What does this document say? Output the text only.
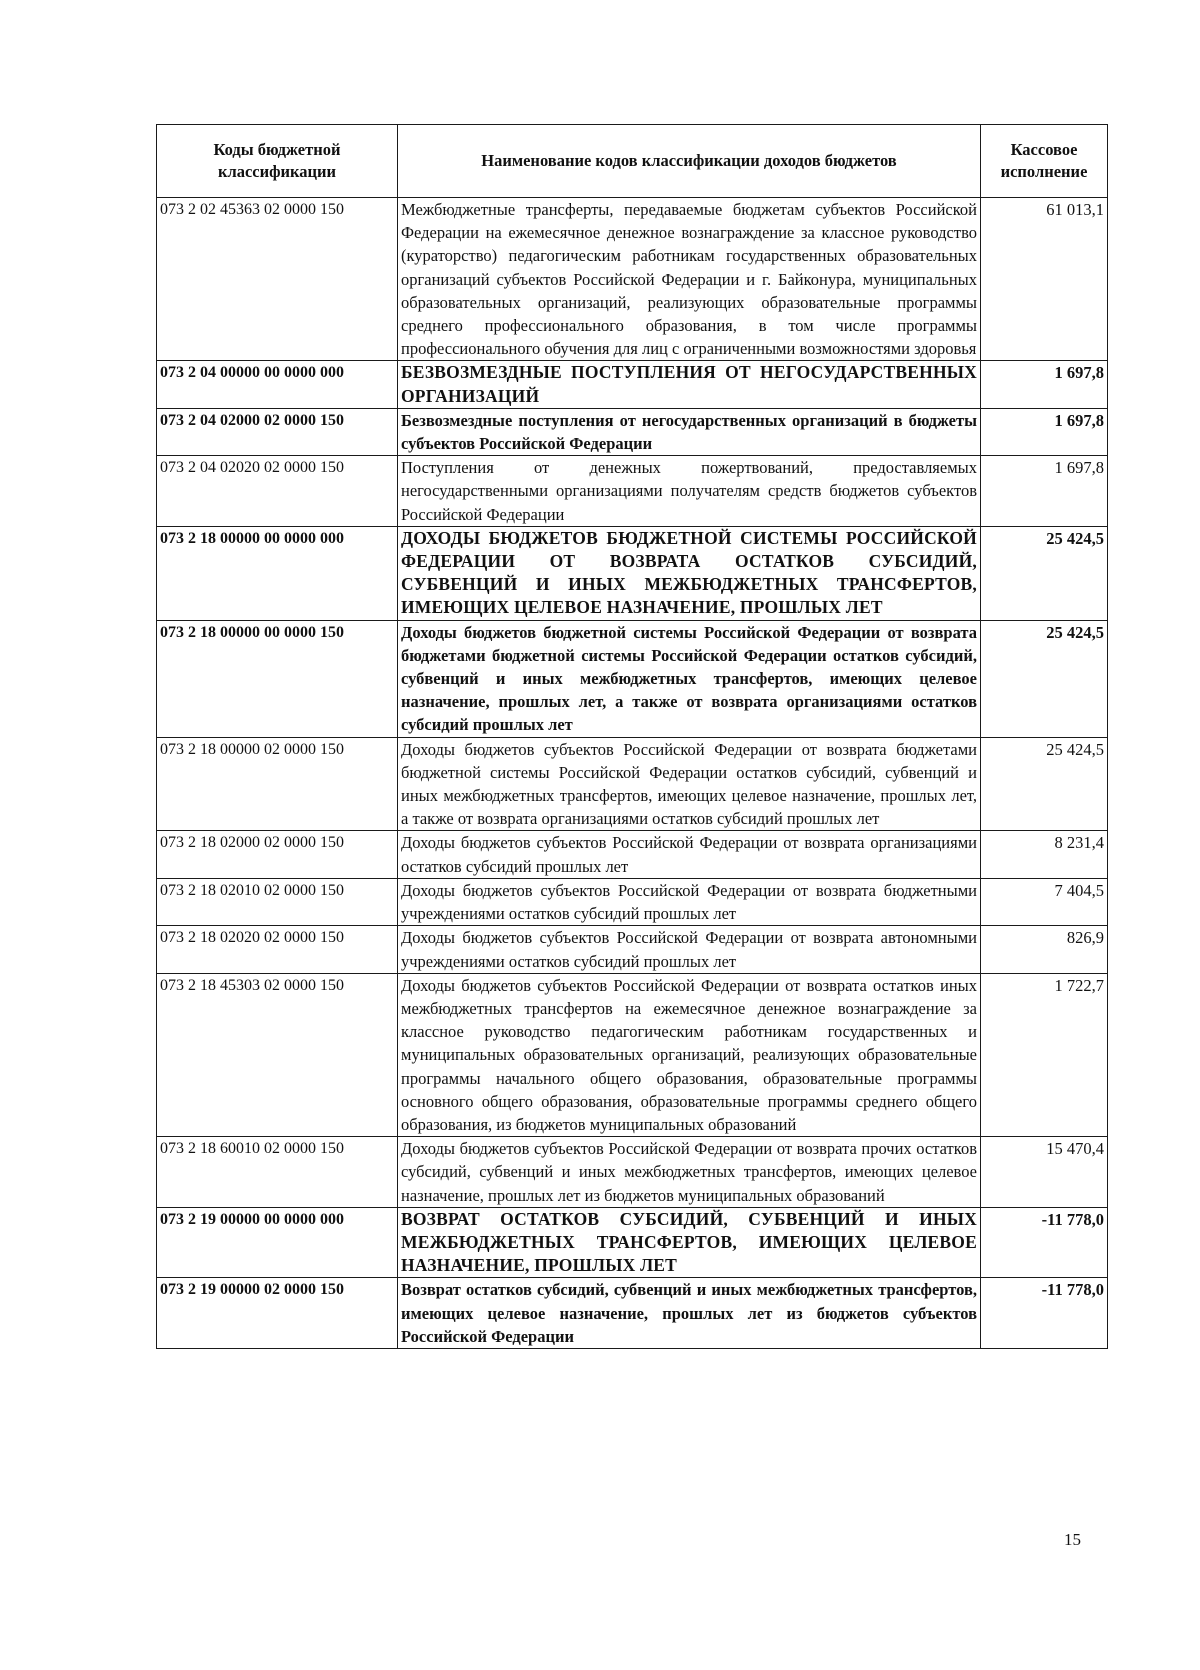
Коды бюджетной классификации	Наименование кодов классификации доходов бюджетов	Кассовое исполнение
073 2 02 45363 02 0000 150	Межбюджетные трансферты, передаваемые бюджетам субъектов Российской Федерации на ежемесячное денежное вознаграждение за классное руководство (кураторство) педагогическим работникам государственных образовательных организаций субъектов Российской Федерации и г. Байконура, муниципальных образовательных организаций, реализующих образовательные программы среднего профессионального образования, в том числе программы профессионального обучения для лиц с ограниченными возможностями здоровья	61 013,1
073 2 04 00000 00 0000 000	БЕЗВОЗМЕЗДНЫЕ ПОСТУПЛЕНИЯ ОТ НЕГОСУДАРСТВЕННЫХ ОРГАНИЗАЦИЙ	1 697,8
073 2 04 02000 02 0000 150	Безвозмездные поступления от негосударственных организаций в бюджеты субъектов Российской Федерации	1 697,8
073 2 04 02020 02 0000 150	Поступления от денежных пожертвований, предоставляемых негосударственными организациями получателям средств бюджетов субъектов Российской Федерации	1 697,8
073 2 18 00000 00 0000 000	ДОХОДЫ БЮДЖЕТОВ БЮДЖЕТНОЙ СИСТЕМЫ РОССИЙСКОЙ ФЕДЕРАЦИИ ОТ ВОЗВРАТА ОСТАТКОВ СУБСИДИЙ, СУБВЕНЦИЙ И ИНЫХ МЕЖБЮДЖЕТНЫХ ТРАНСФЕРТОВ, ИМЕЮЩИХ ЦЕЛЕВОЕ НАЗНАЧЕНИЕ, ПРОШЛЫХ ЛЕТ	25 424,5
073 2 18 00000 00 0000 150	Доходы бюджетов бюджетной системы Российской Федерации от возврата бюджетами бюджетной системы Российской Федерации остатков субсидий, субвенций и иных межбюджетных трансфертов, имеющих целевое назначение, прошлых лет, а также от возврата организациями остатков субсидий прошлых лет	25 424,5
073 2 18 00000 02 0000 150	Доходы бюджетов субъектов Российской Федерации от возврата бюджетами бюджетной системы Российской Федерации остатков субсидий, субвенций и иных межбюджетных трансфертов, имеющих целевое назначение, прошлых лет, а также от возврата организациями остатков субсидий прошлых лет	25 424,5
073 2 18 02000 02 0000 150	Доходы бюджетов субъектов Российской Федерации от возврата организациями остатков субсидий прошлых лет	8 231,4
073 2 18 02010 02 0000 150	Доходы бюджетов субъектов Российской Федерации от возврата бюджетными учреждениями остатков субсидий прошлых лет	7 404,5
073 2 18 02020 02 0000 150	Доходы бюджетов субъектов Российской Федерации от возврата автономными учреждениями остатков субсидий прошлых лет	826,9
073 2 18 45303 02 0000 150	Доходы бюджетов субъектов Российской Федерации от возврата остатков иных межбюджетных трансфертов на ежемесячное денежное вознаграждение за классное руководство педагогическим работникам государственных и муниципальных образовательных организаций, реализующих образовательные программы начального общего образования, образовательные программы основного общего образования, образовательные программы среднего общего образования, из бюджетов муниципальных образований	1 722,7
073 2 18 60010 02 0000 150	Доходы бюджетов субъектов Российской Федерации от возврата прочих остатков субсидий, субвенций и иных межбюджетных трансфертов, имеющих целевое назначение, прошлых лет из бюджетов муниципальных образований	15 470,4
073 2 19 00000 00 0000 000	ВОЗВРАТ ОСТАТКОВ СУБСИДИЙ, СУБВЕНЦИЙ И ИНЫХ МЕЖБЮДЖЕТНЫХ ТРАНСФЕРТОВ, ИМЕЮЩИХ ЦЕЛЕВОЕ НАЗНАЧЕНИЕ, ПРОШЛЫХ ЛЕТ	-11 778,0
073 2 19 00000 02 0000 150	Возврат остатков субсидий, субвенций и иных межбюджетных трансфертов, имеющих целевое назначение, прошлых лет из бюджетов субъектов Российской Федерации	-11 778,0
15
